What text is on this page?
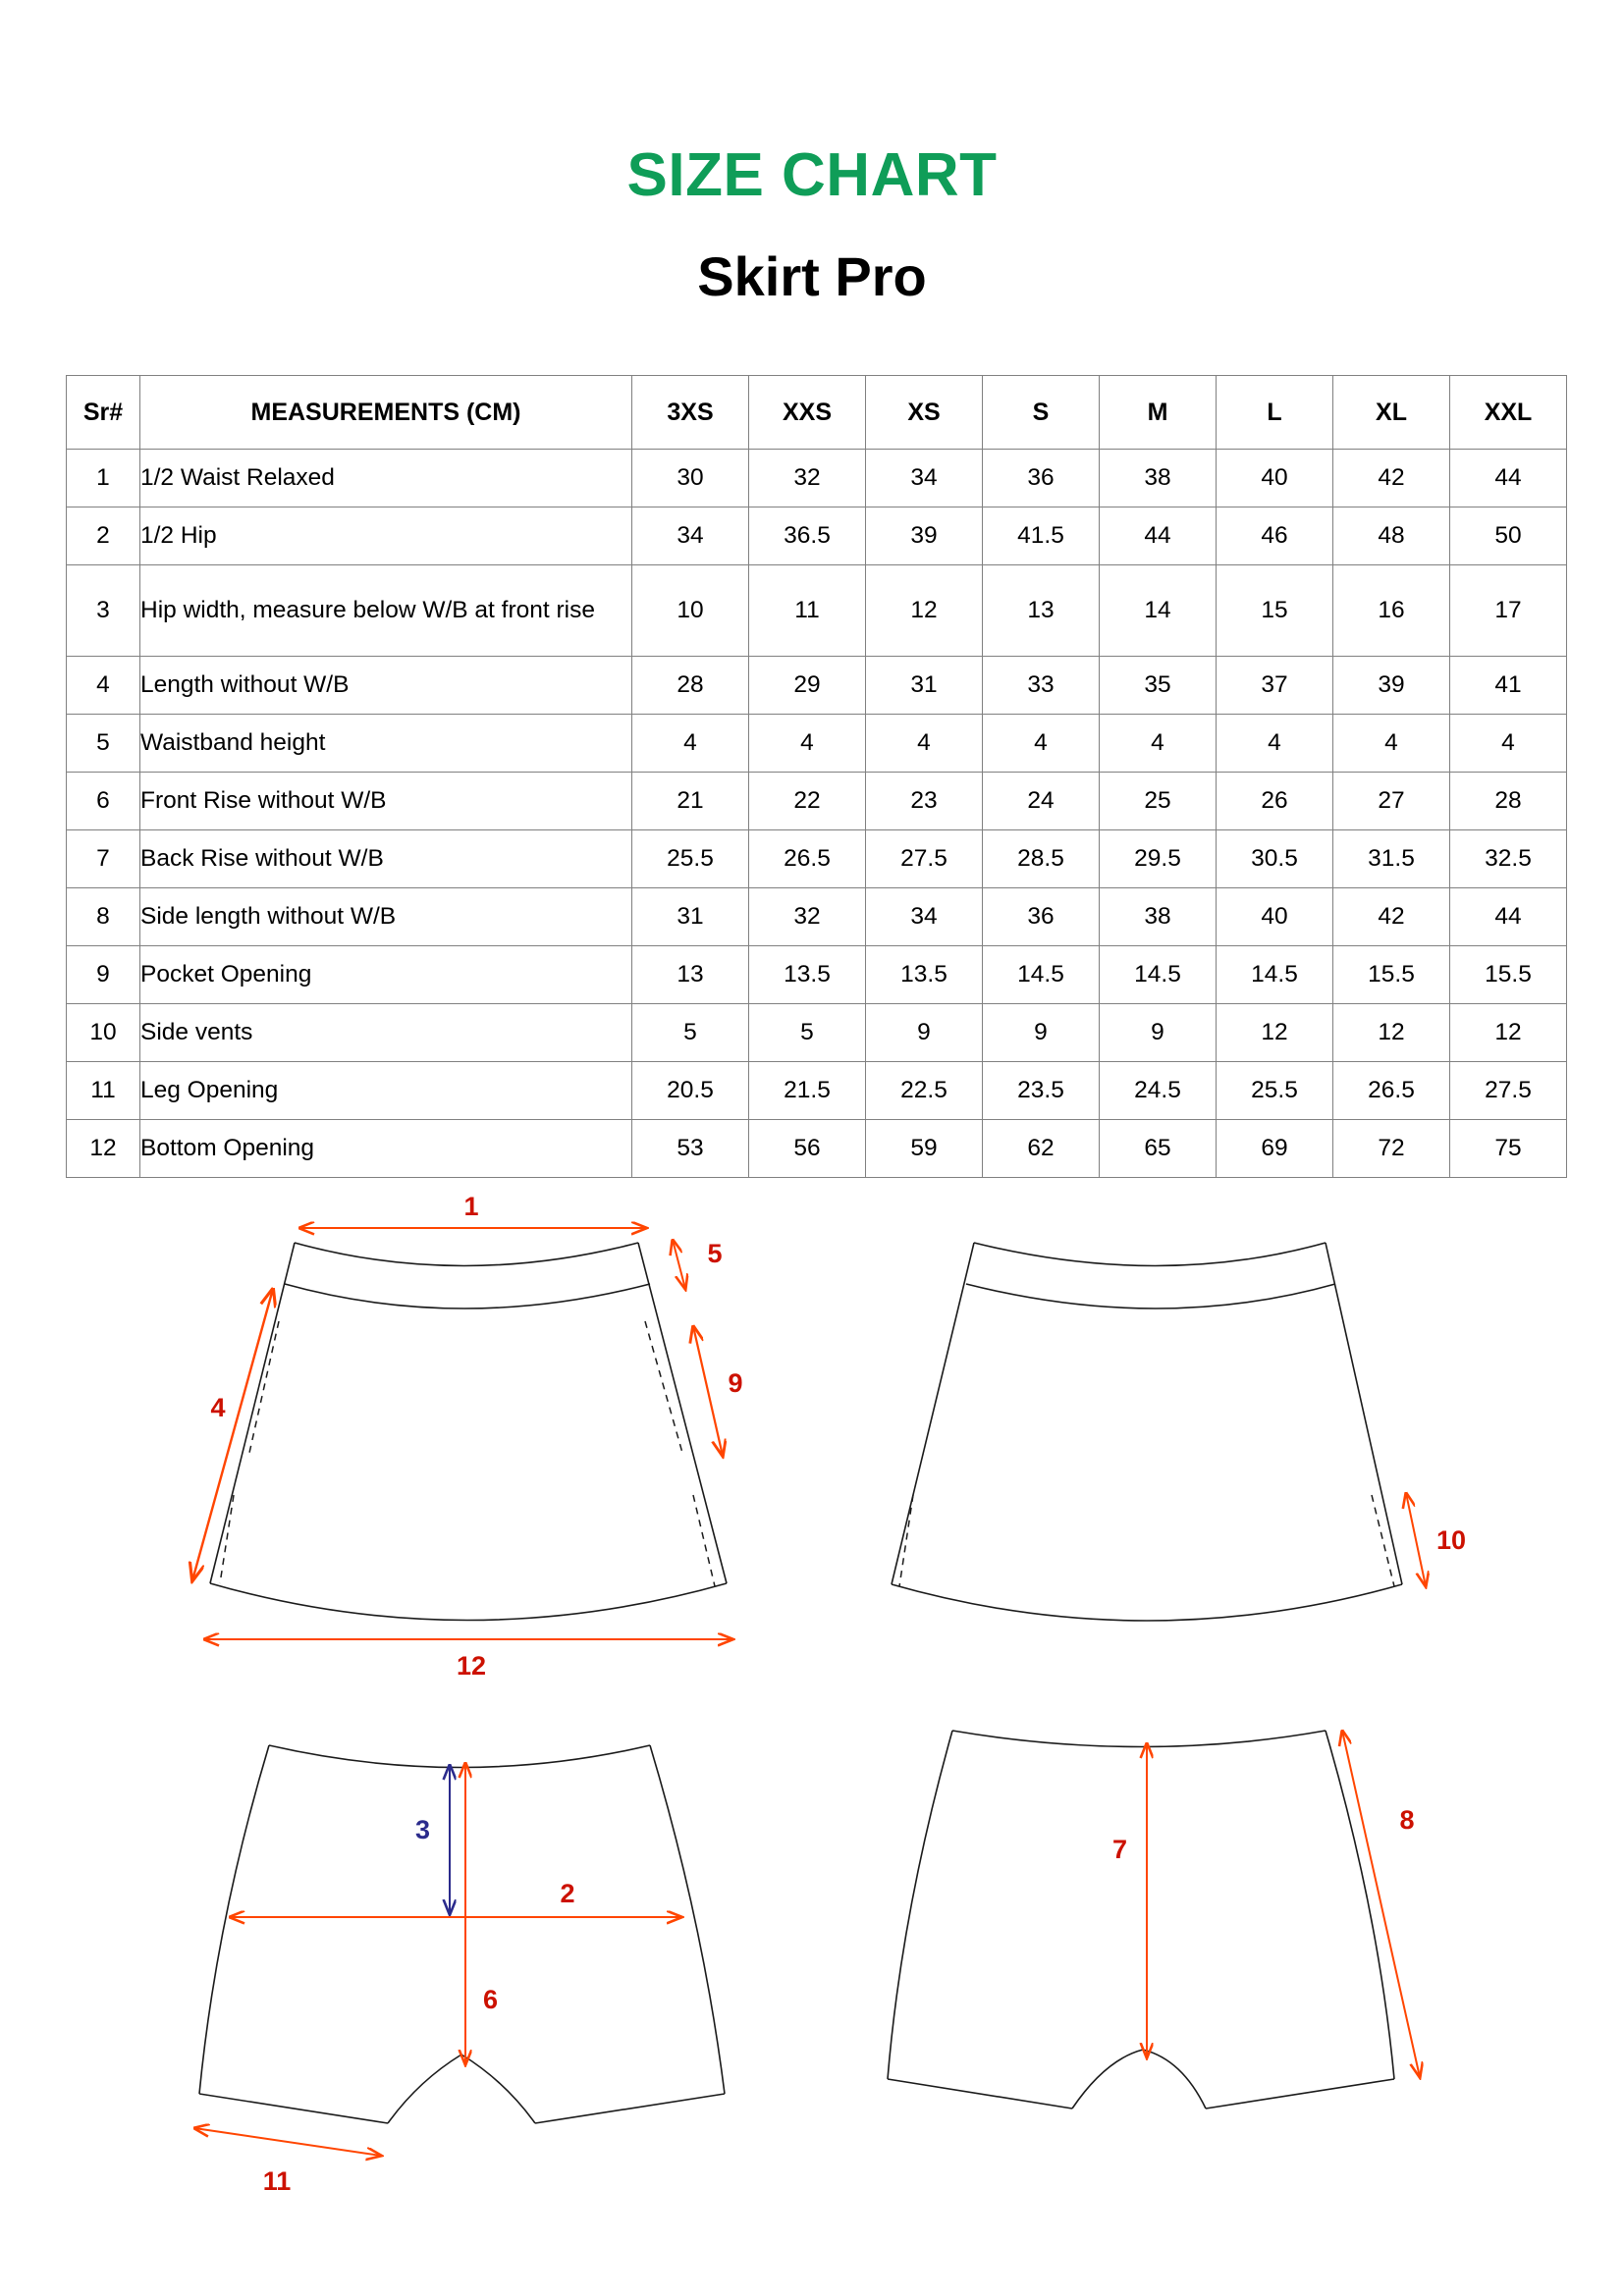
SIZE CHART
Skirt Pro
Sr#	MEASUREMENTS (CM)	3XS	XXS	XS	S	M	L	XL	XXL
1	1/2 Waist Relaxed	30	32	34	36	38	40	42	44
2	1/2 Hip	34	36.5	39	41.5	44	46	48	50
3	Hip width, measure below W/B at front rise	10	11	12	13	14	15	16	17
4	Length without W/B	28	29	31	33	35	37	39	41
5	Waistband height	4	4	4	4	4	4	4	4
6	Front Rise without W/B	21	22	23	24	25	26	27	28
7	Back Rise without W/B	25.5	26.5	27.5	28.5	29.5	30.5	31.5	32.5
8	Side length without W/B	31	32	34	36	38	40	42	44
9	Pocket Opening	13	13.5	13.5	14.5	14.5	14.5	15.5	15.5
10	Side vents	5	5	9	9	9	12	12	12
11	Leg Opening	20.5	21.5	22.5	23.5	24.5	25.5	26.5	27.5
12	Bottom Opening	53	56	59	62	65	69	72	75
1
5
4
9
12
10
3
2
6
11
7
8
